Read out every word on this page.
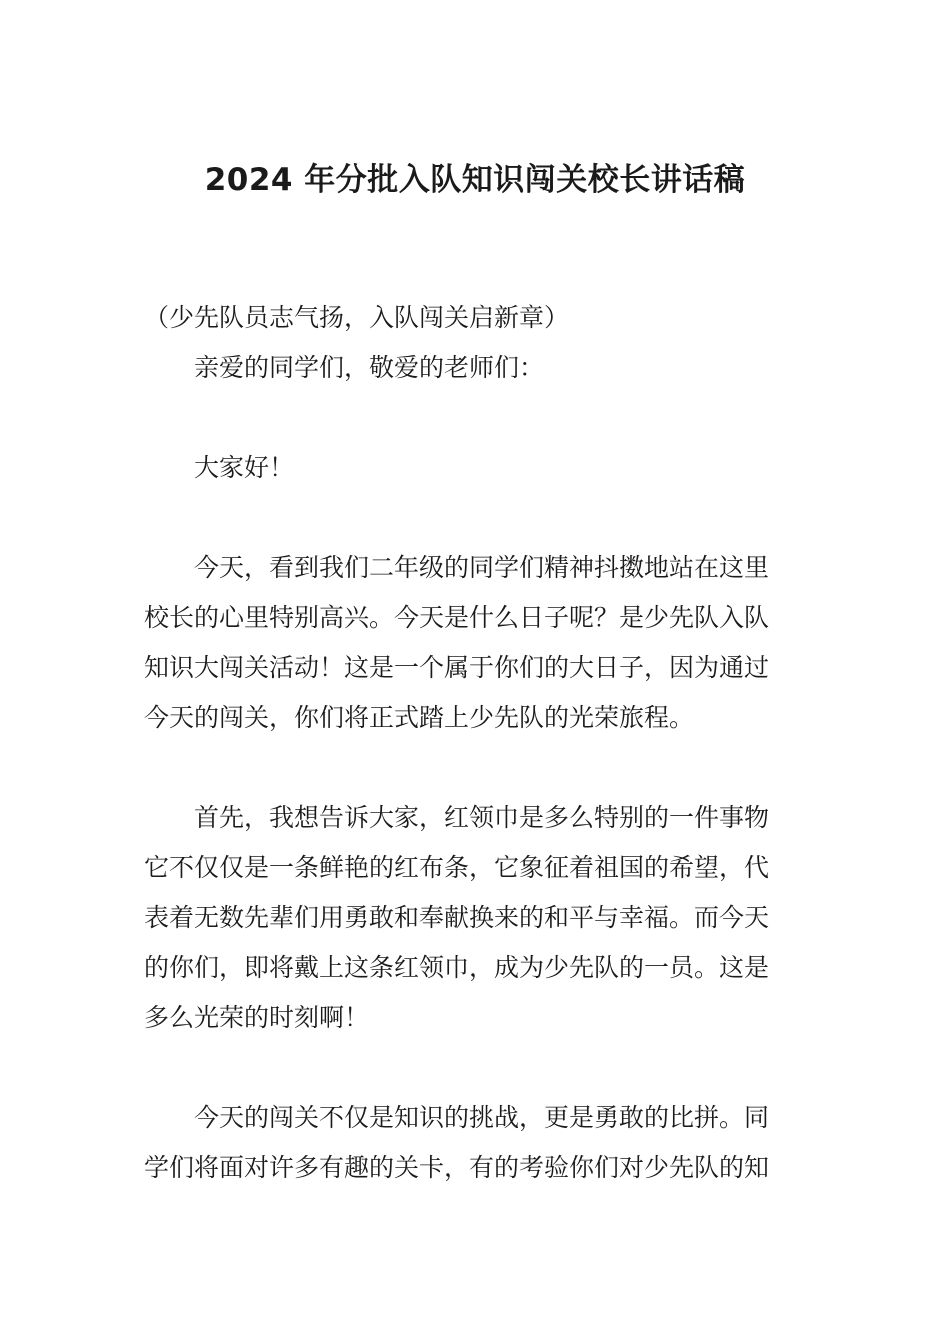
2024 年分批入队知识闯关校长讲话稿

（少先队员志气扬，入队闯关启新章）

亲爱的同学们，敬爱的老师们：

大家好！

今天，看到我们二年级的同学们精神抖擞地站在这里

校长的心里特别高兴。今天是什么日子呢？是少先队入队

知识大闯关活动！这是一个属于你们的大日子，因为通过

今天的闯关，你们将正式踏上少先队的光荣旅程。

首先，我想告诉大家，红领巾是多么特别的一件事物

它不仅仅是一条鲜艳的红布条，它象征着祖国的希望，代

表着无数先辈们用勇敢和奉献换来的和平与幸福。而今天

的你们，即将戴上这条红领巾，成为少先队的一员。这是

多么光荣的时刻啊！

今天的闯关不仅是知识的挑战，更是勇敢的比拼。同

学们将面对许多有趣的关卡，有的考验你们对少先队的知
